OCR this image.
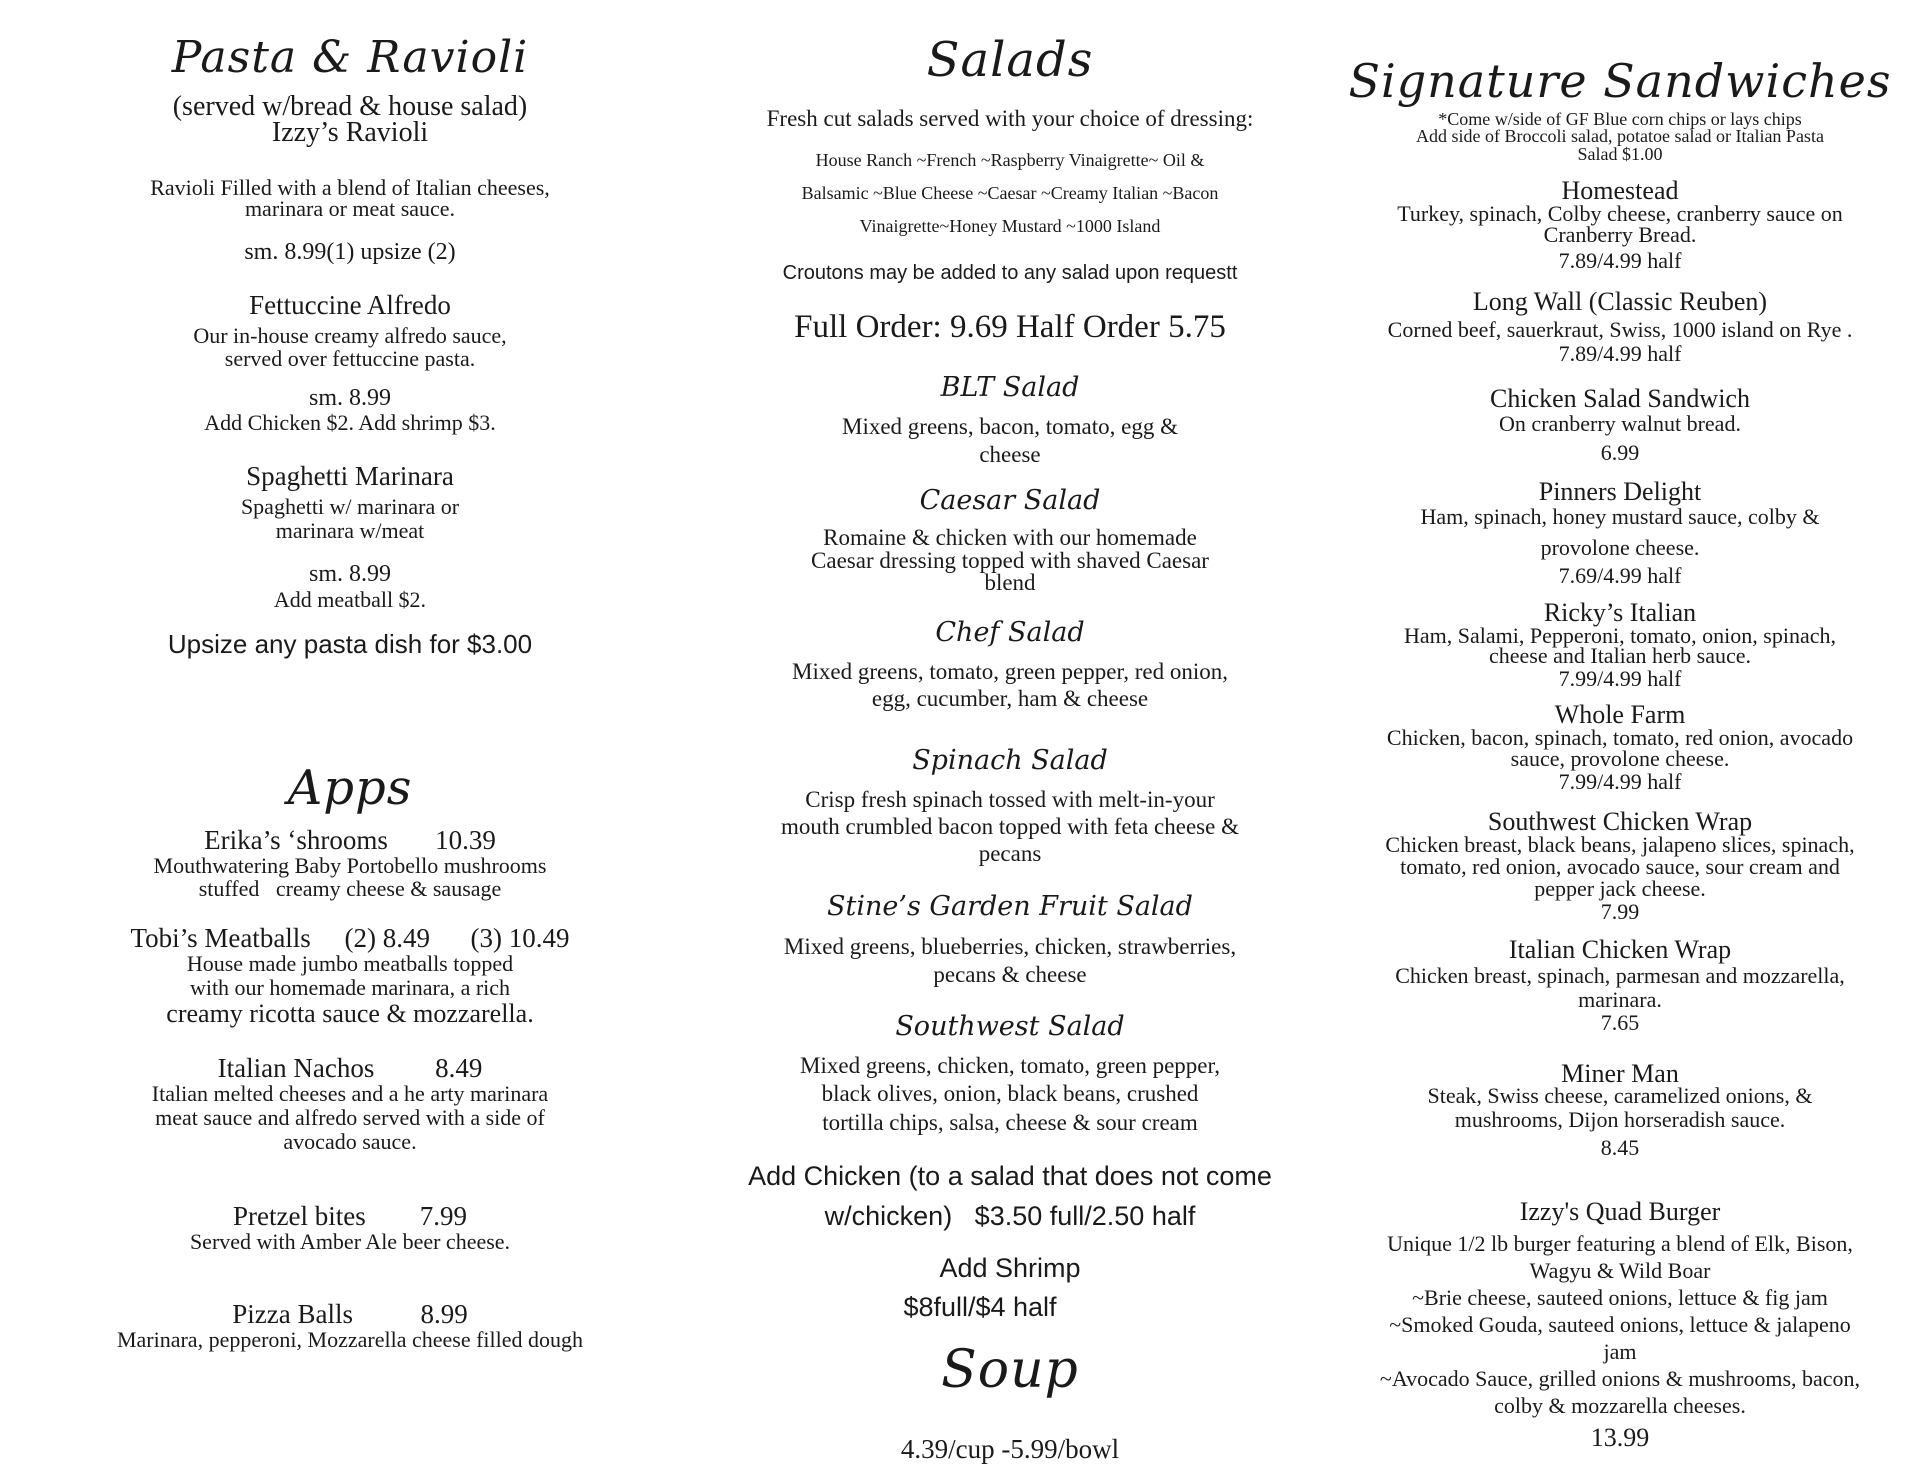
Pasta & Ravioli
(served w/bread & house salad)
Izzy’s Ravioli
Ravioli Filled with a blend of Italian cheeses,
marinara or meat sauce.
sm. 8.99(1) upsize (2)
Fettuccine Alfredo
Our in-house creamy alfredo sauce,
served over fettuccine pasta.
sm. 8.99
Add Chicken $2. Add shrimp $3.
Spaghetti Marinara
Spaghetti w/ marinara or
marinara w/meat
sm. 8.99
Add meatball $2.
Upsize any pasta dish for $3.00
Apps
Erika’s ‘shrooms       10.39
Mouthwatering Baby Portobello mushrooms
stuffed   creamy cheese & sausage
Tobi’s Meatballs     (2) 8.49      (3) 10.49
House made jumbo meatballs topped
with our homemade marinara, a rich
creamy ricotta sauce & mozzarella.
Italian Nachos         8.49
Italian melted cheeses and a he arty marinara
meat sauce and alfredo served with a side of
avocado sauce.
Pretzel bites        7.99
Served with Amber Ale beer cheese.
Pizza Balls          8.99
Marinara, pepperoni, Mozzarella cheese filled dough
Salads
Fresh cut salads served with your choice of dressing:
House Ranch ~French ~Raspberry Vinaigrette~ Oil &
Balsamic ~Blue Cheese ~Caesar ~Creamy Italian ~Bacon
Vinaigrette~Honey Mustard ~1000 Island
Croutons may be added to any salad upon requestt
Full Order: 9.69 Half Order 5.75
BLT Salad
Mixed greens, bacon, tomato, egg &
cheese
Caesar Salad
Romaine & chicken with our homemade
Caesar dressing topped with shaved Caesar
blend
Chef Salad
Mixed greens, tomato, green pepper, red onion,
egg, cucumber, ham & cheese
Spinach Salad
Crisp fresh spinach tossed with melt-in-your
mouth crumbled bacon topped with feta cheese &
pecans
Stine’s Garden Fruit Salad
Mixed greens, blueberries, chicken, strawberries,
pecans & cheese
Southwest Salad
Mixed greens, chicken, tomato, green pepper,
black olives, onion, black beans, crushed
tortilla chips, salsa, cheese & sour cream
Add Chicken (to a salad that does not come
w/chicken)   $3.50 full/2.50 half
Add Shrimp
$8full/$4 half
Soup
4.39/cup -5.99/bowl
Signature Sandwiches
*Come w/side of GF Blue corn chips or lays chips
Add side of Broccoli salad, potatoe salad or Italian Pasta
Salad $1.00
Homestead
Turkey, spinach, Colby cheese, cranberry sauce on
Cranberry Bread.
7.89/4.99 half
Long Wall (Classic Reuben)
Corned beef, sauerkraut, Swiss, 1000 island on Rye .
7.89/4.99 half
Chicken Salad Sandwich
On cranberry walnut bread.
6.99
Pinners Delight
Ham, spinach, honey mustard sauce, colby &
provolone cheese.
7.69/4.99 half
Ricky’s Italian
Ham, Salami, Pepperoni, tomato, onion, spinach,
cheese and Italian herb sauce.
7.99/4.99 half
Whole Farm
Chicken, bacon, spinach, tomato, red onion, avocado
sauce, provolone cheese.
7.99/4.99 half
Southwest Chicken Wrap
Chicken breast, black beans, jalapeno slices, spinach,
tomato, red onion, avocado sauce, sour cream and
pepper jack cheese.
7.99
Italian Chicken Wrap
Chicken breast, spinach, parmesan and mozzarella,
marinara.
7.65
Miner Man
Steak, Swiss cheese, caramelized onions, &
mushrooms, Dijon horseradish sauce.
8.45
Izzy's Quad Burger
Unique 1/2 lb burger featuring a blend of Elk, Bison,
Wagyu & Wild Boar
~Brie cheese, sauteed onions, lettuce & fig jam
~Smoked Gouda, sauteed onions, lettuce & jalapeno
jam
~Avocado Sauce, grilled onions & mushrooms, bacon,
colby & mozzarella cheeses.
13.99
